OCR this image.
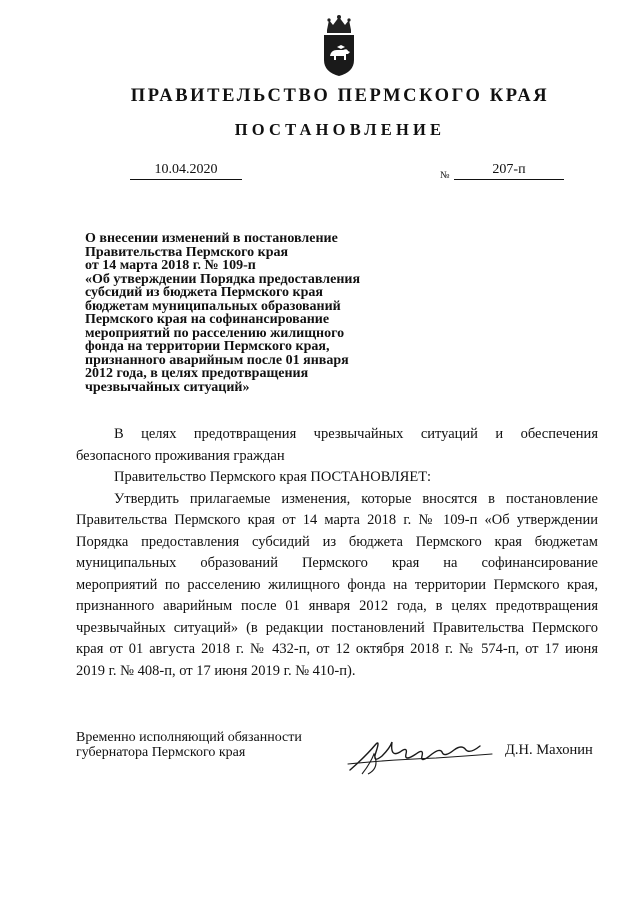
ПРАВИТЕЛЬСТВО ПЕРМСКОГО КРАЯ
ПОСТАНОВЛЕНИЕ
10.04.2020	№	207-п
О внесении изменений в постановление
Правительства Пермского края
от 14 марта 2018 г. № 109-п
«Об утверждении Порядка предоставления
субсидий из бюджета Пермского края
бюджетам муниципальных образований
Пермского края на софинансирование
мероприятий по расселению жилищного
фонда на территории Пермского края,
признанного аварийным после 01 января
2012 года, в целях предотвращения
чрезвычайных ситуаций»
В целях предотвращения чрезвычайных ситуаций и обеспечения
безопасного проживания граждан
Правительство Пермского края ПОСТАНОВЛЯЕТ:
Утвердить прилагаемые изменения, которые вносятся в постановление
Правительства Пермского края от 14 марта 2018 г. № 109-п «Об утверждении
Порядка предоставления субсидий из бюджета Пермского края бюджетам
муниципальных образований Пермского края на софинансирование
мероприятий по расселению жилищного фонда на территории Пермского края,
признанного аварийным после 01 января 2012 года, в целях предотвращения
чрезвычайных ситуаций» (в редакции постановлений Правительства Пермского
края от 01 августа 2018 г. № 432-п, от 12 октября 2018 г. № 574-п, от 17 июня
2019 г. № 408-п, от 17 июня 2019 г. № 410-п).
Временно исполняющий обязанности
губернатора Пермского края	Д.Н. Махонин
